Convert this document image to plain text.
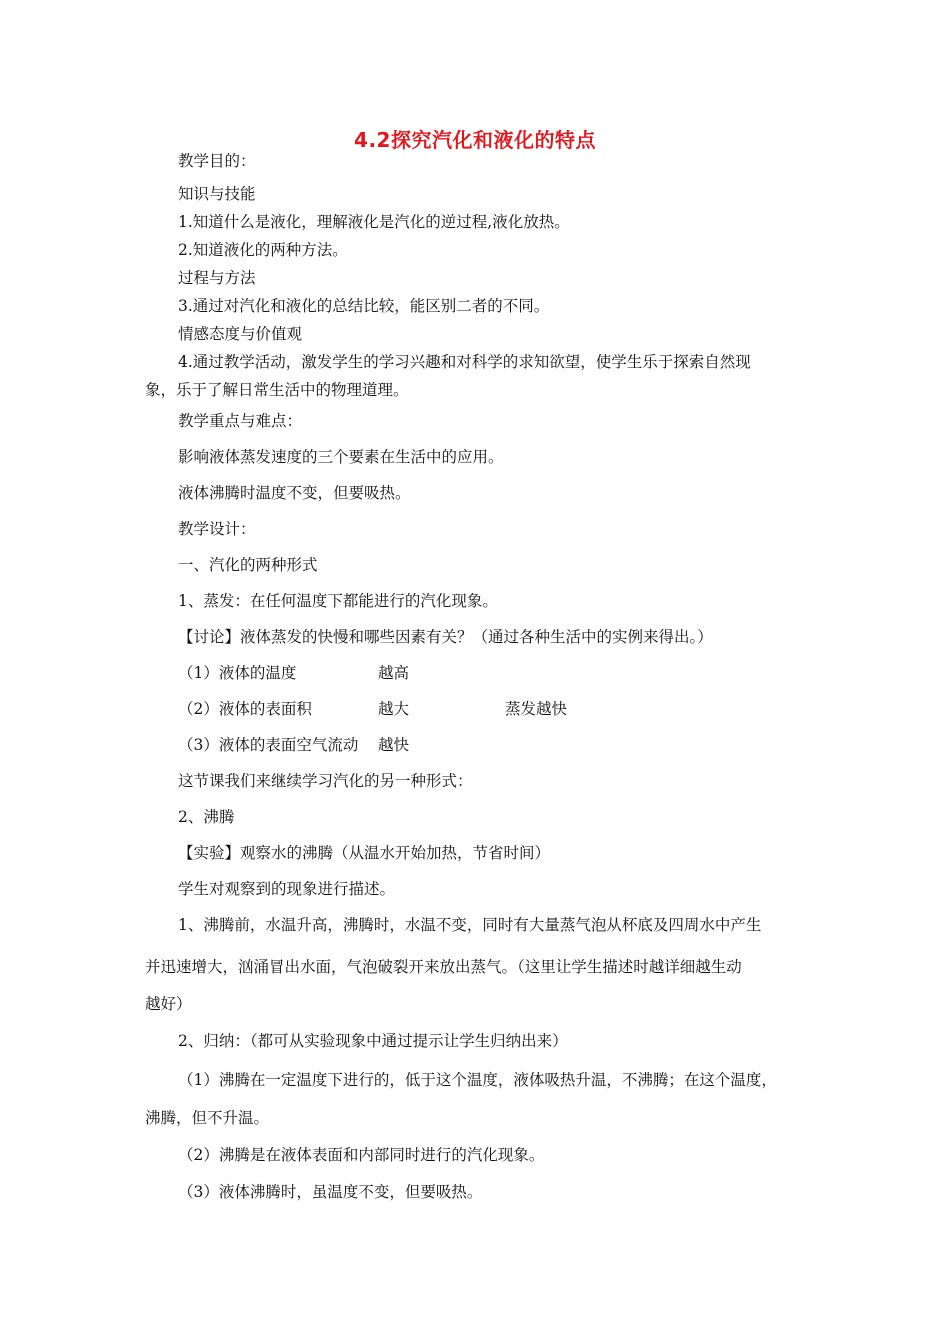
4.2探究汽化和液化的特点
教学目的：
知识与技能
1.知道什么是液化，理解液化是汽化的逆过程,液化放热。
2.知道液化的两种方法。
过程与方法
3.通过对汽化和液化的总结比较，能区别二者的不同。
情感态度与价值观
4.通过教学活动，激发学生的学习兴趣和对科学的求知欲望，使学生乐于探索自然现
象，乐于了解日常生活中的物理道理。
教学重点与难点：
影响液体蒸发速度的三个要素在生活中的应用。
液体沸腾时温度不变，但要吸热。
教学设计：
一、汽化的两种形式
1、蒸发：在任何温度下都能进行的汽化现象。
【讨论】液体蒸发的快慢和哪些因素有关？（通过各种生活中的实例来得出。）
（1）液体的温度	越高
（2）液体的表面积	越大	蒸发越快
（3）液体的表面空气流动 越快
这节课我们来继续学习汽化的另一种形式：
2、沸腾
【实验】观察水的沸腾（从温水开始加热，节省时间）
学生对观察到的现象进行描述。
1、沸腾前，水温升高，沸腾时，水温不变，同时有大量蒸气泡从杯底及四周水中产生
并迅速增大，汹涌冒出水面，气泡破裂开来放出蒸气。（这里让学生描述时越详细越生动
越好）
2、归纳：（都可从实验现象中通过提示让学生归纳出来）
（1）沸腾在一定温度下进行的，低于这个温度，液体吸热升温，不沸腾；在这个温度，
沸腾，但不升温。
（2）沸腾是在液体表面和内部同时进行的汽化现象。
（3）液体沸腾时，虽温度不变，但要吸热。
